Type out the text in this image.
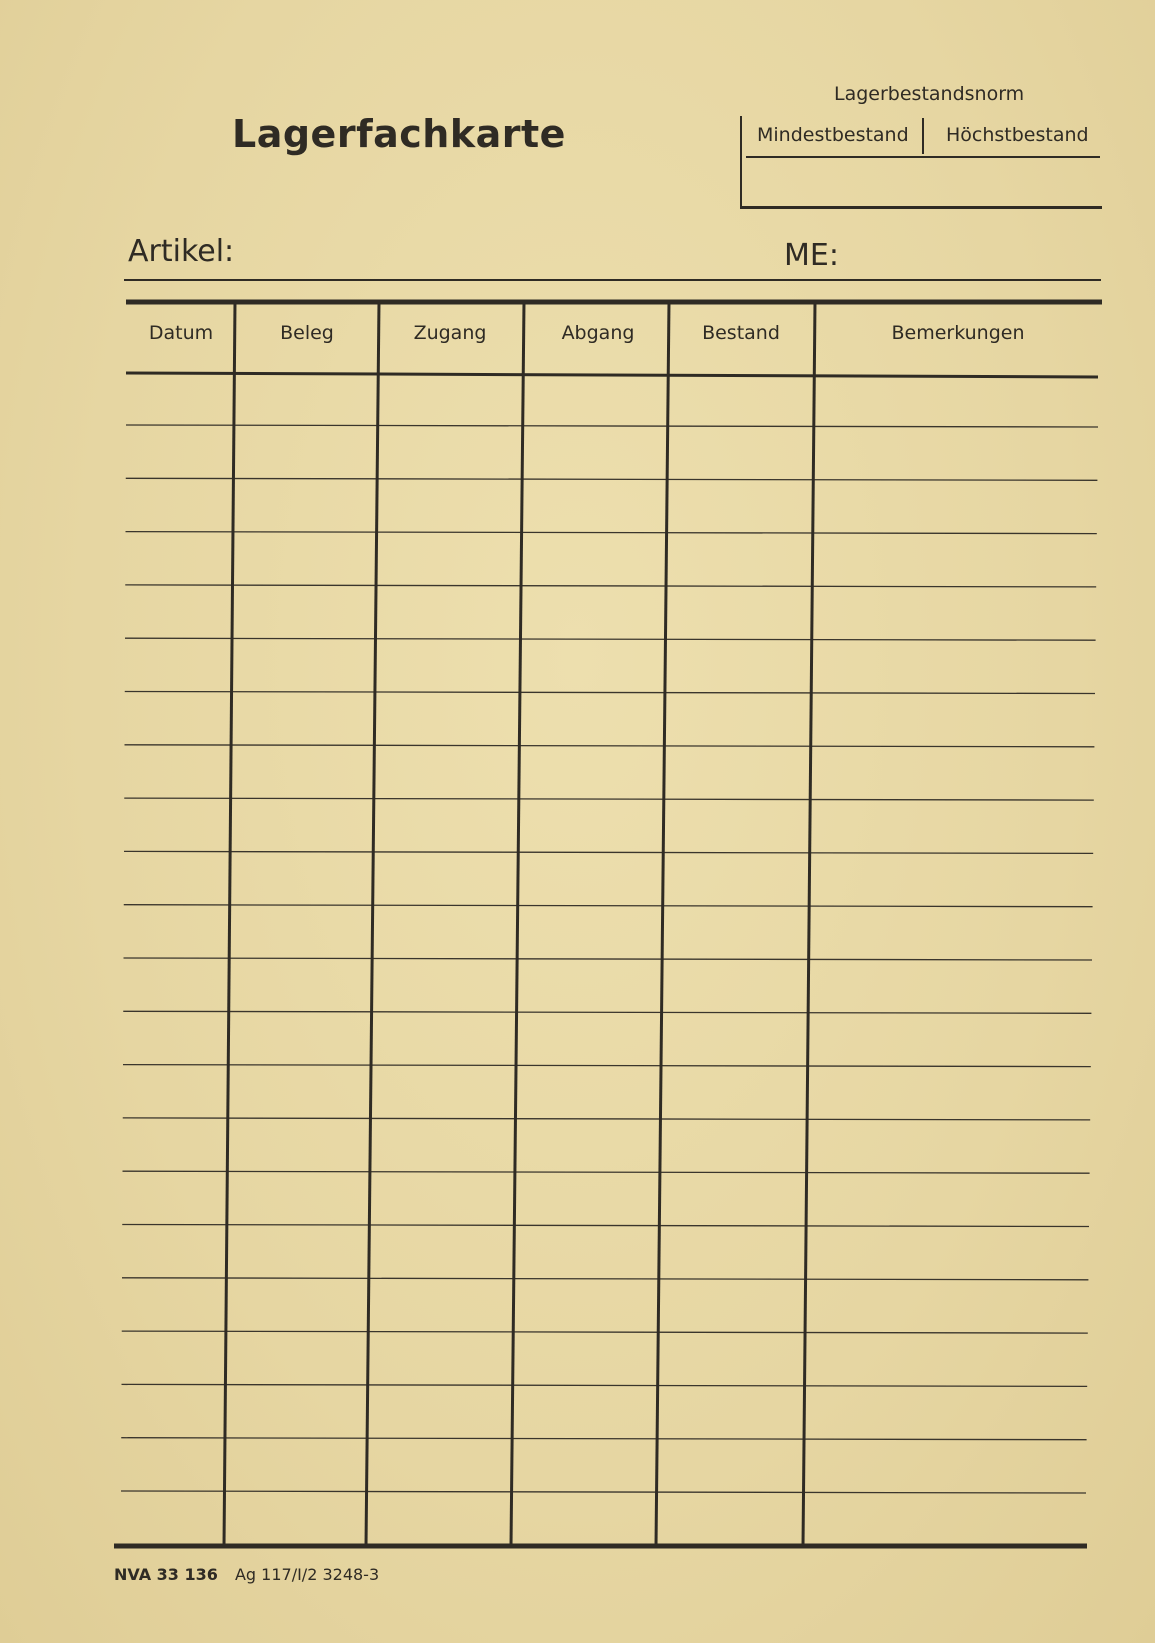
Lagerfachkarte
Lagerbestandsnorm
Mindestbestand Höchstbestand
Artikel:	ME:
Datum	Beleg	Zugang	Abgang	Bestand	Bemerkungen
NVA 33 136 Ag 117/I/2 3248-3
